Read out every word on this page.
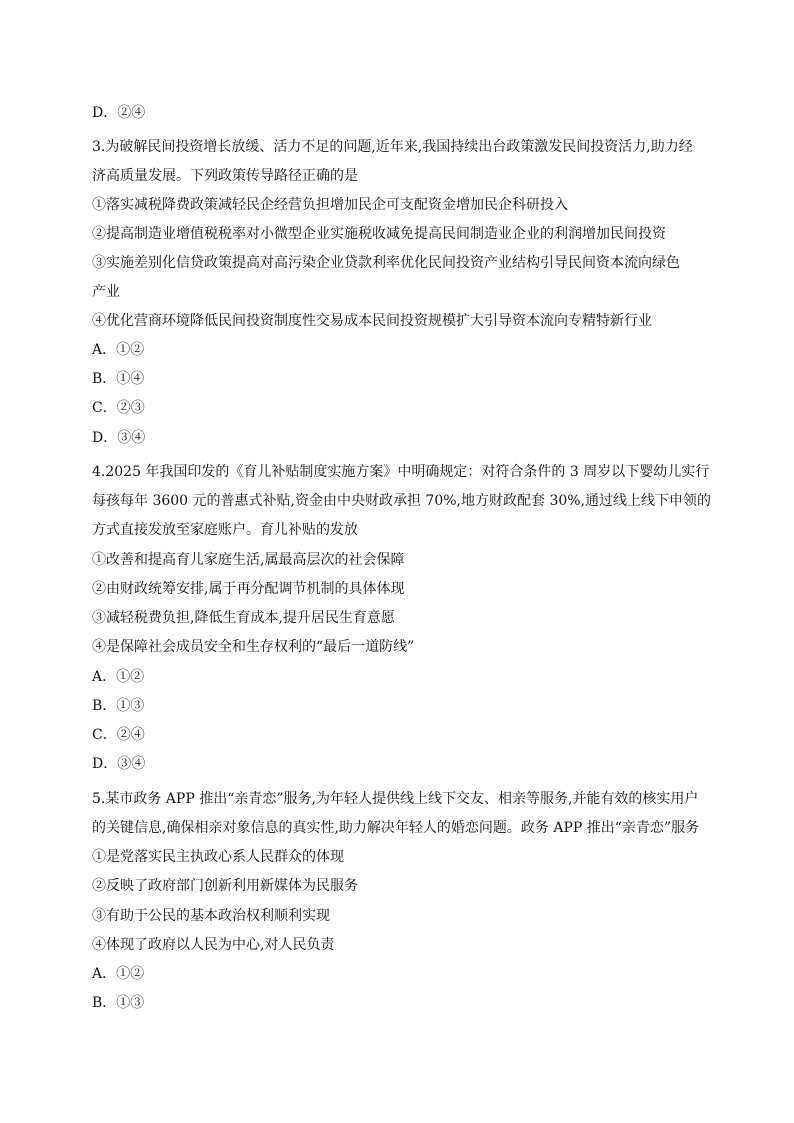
D．②④
3.为破解民间投资增长放缓、活力不足的问题,近年来,我国持续出台政策激发民间投资活力,助力经
济高质量发展。下列政策传导路径正确的是
①落实减税降费政策减轻民企经营负担增加民企可支配资金增加民企科研投入
②提高制造业增值税税率对小微型企业实施税收减免提高民间制造业企业的利润增加民间投资
③实施差别化信贷政策提高对高污染企业贷款利率优化民间投资产业结构引导民间资本流向绿色
产业
④优化营商环境降低民间投资制度性交易成本民间投资规模扩大引导资本流向专精特新行业
A．①②
B．①④
C．②③
D．③④
4.2025 年我国印发的《育儿补贴制度实施方案》中明确规定：对符合条件的 3 周岁以下婴幼儿实行
每孩每年 3600 元的普惠式补贴,资金由中央财政承担 70%,地方财政配套 30%,通过线上线下申领的
方式直接发放至家庭账户。育儿补贴的发放
①改善和提高育儿家庭生活,属最高层次的社会保障
②由财政统筹安排,属于再分配调节机制的具体体现
③减轻税费负担,降低生育成本,提升居民生育意愿
④是保障社会成员安全和生存权利的“最后一道防线”
A．①②
B．①③
C．②④
D．③④
5.某市政务 APP 推出“亲青恋”服务,为年轻人提供线上线下交友、相亲等服务,并能有效的核实用户
的关键信息,确保相亲对象信息的真实性,助力解决年轻人的婚恋问题。政务 APP 推出“亲青恋”服务
①是党落实民主执政心系人民群众的体现
②反映了政府部门创新利用新媒体为民服务
③有助于公民的基本政治权利顺利实现
④体现了政府以人民为中心,对人民负责
A．①②
B．①③
